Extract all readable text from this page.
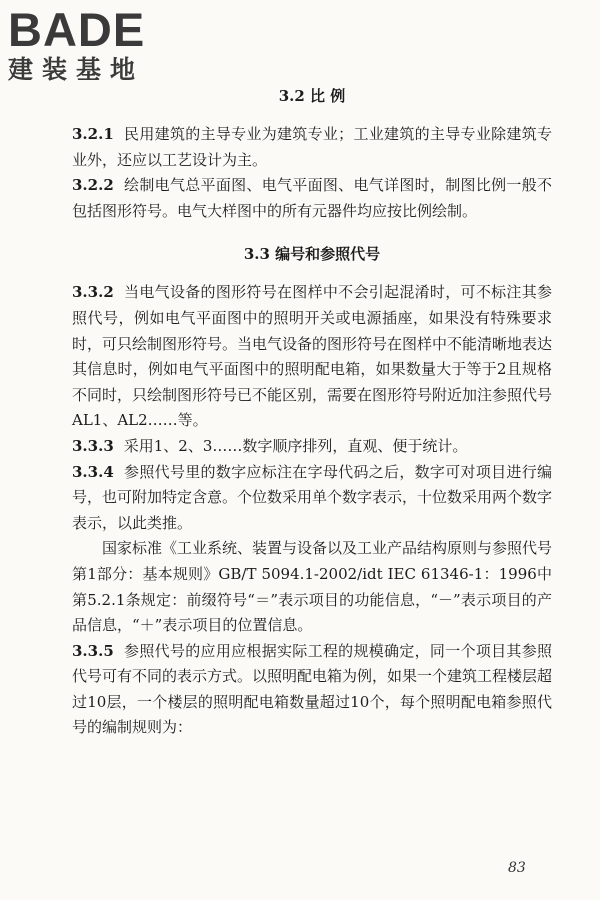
BADE
建装基地
3.2 比 例

3.2.1 民用建筑的主导专业为建筑专业；工业建筑的主导专业除建筑专业外，还应以工艺设计为主。

3.2.2 绘制电气总平面图、电气平面图、电气详图时，制图比例一般不包括图形符号。电气大样图中的所有元器件均应按比例绘制。

3.3 编号和参照代号

3.3.2 当电气设备的图形符号在图样中不会引起混淆时，可不标注其参照代号，例如电气平面图中的照明开关或电源插座，如果没有特殊要求时，可只绘制图形符号。当电气设备的图形符号在图样中不能清晰地表达其信息时，例如电气平面图中的照明配电箱，如果数量大于等于2且规格不同时，只绘制图形符号已不能区别，需要在图形符号附近加注参照代号AL1、AL2……等。

3.3.3 采用1、2、3……数字顺序排列，直观、便于统计。

3.3.4 参照代号里的数字应标注在字母代码之后，数字可对项目进行编号，也可附加特定含意。个位数采用单个数字表示，十位数采用两个数字表示，以此类推。

国家标准《工业系统、装置与设备以及工业产品结构原则与参照代号 第1部分：基本规则》GB/T 5094.1-2002/idt IEC 61346-1：1996中第5.2.1条规定：前缀符号“＝”表示项目的功能信息，“－”表示项目的产品信息，“＋”表示项目的位置信息。

3.3.5 参照代号的应用应根据实际工程的规模确定，同一个项目其参照代号可有不同的表示方式。以照明配电箱为例，如果一个建筑工程楼层超过10层，一个楼层的照明配电箱数量超过10个，每个照明配电箱参照代号的编制规则为：

83
